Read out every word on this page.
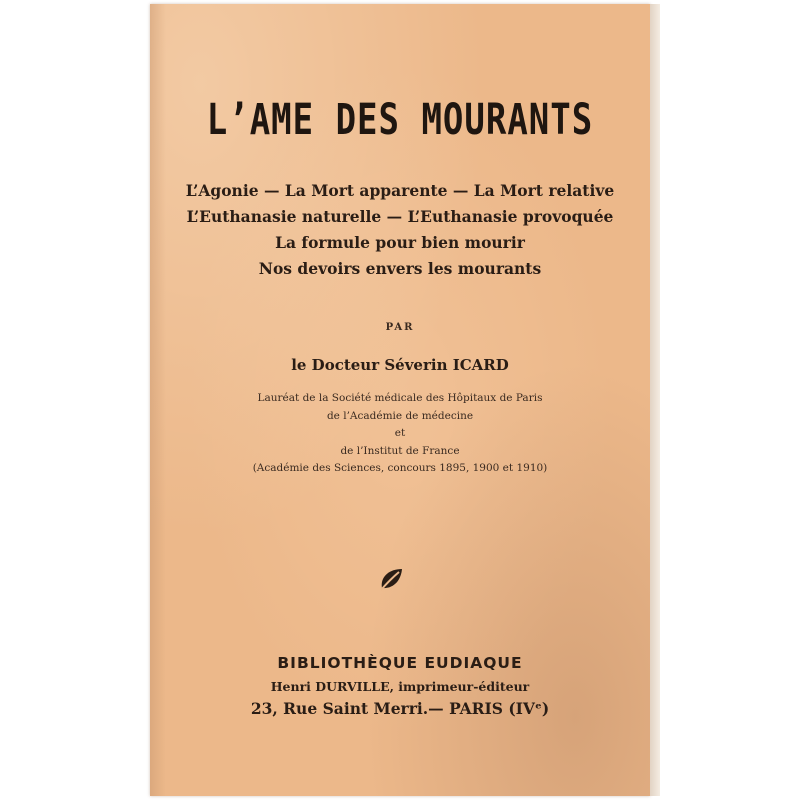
L’AME DES MOURANTS
L’Agonie — La Mort apparente — La Mort relative
L’Euthanasie naturelle — L’Euthanasie provoquée
La formule pour bien mourir
Nos devoirs envers les mourants
PAR
le Docteur Séverin ICARD
Lauréat de la Société médicale des Hôpitaux de Paris
de l’Académie de médecine
et
de l’Institut de France
(Académie des Sciences, concours 1895, 1900 et 1910)
BIBLIOTHÈQUE EUDIAQUE
Henri DURVILLE, imprimeur-éditeur
23, Rue Saint Merri.— PARIS (IVᵉ)
